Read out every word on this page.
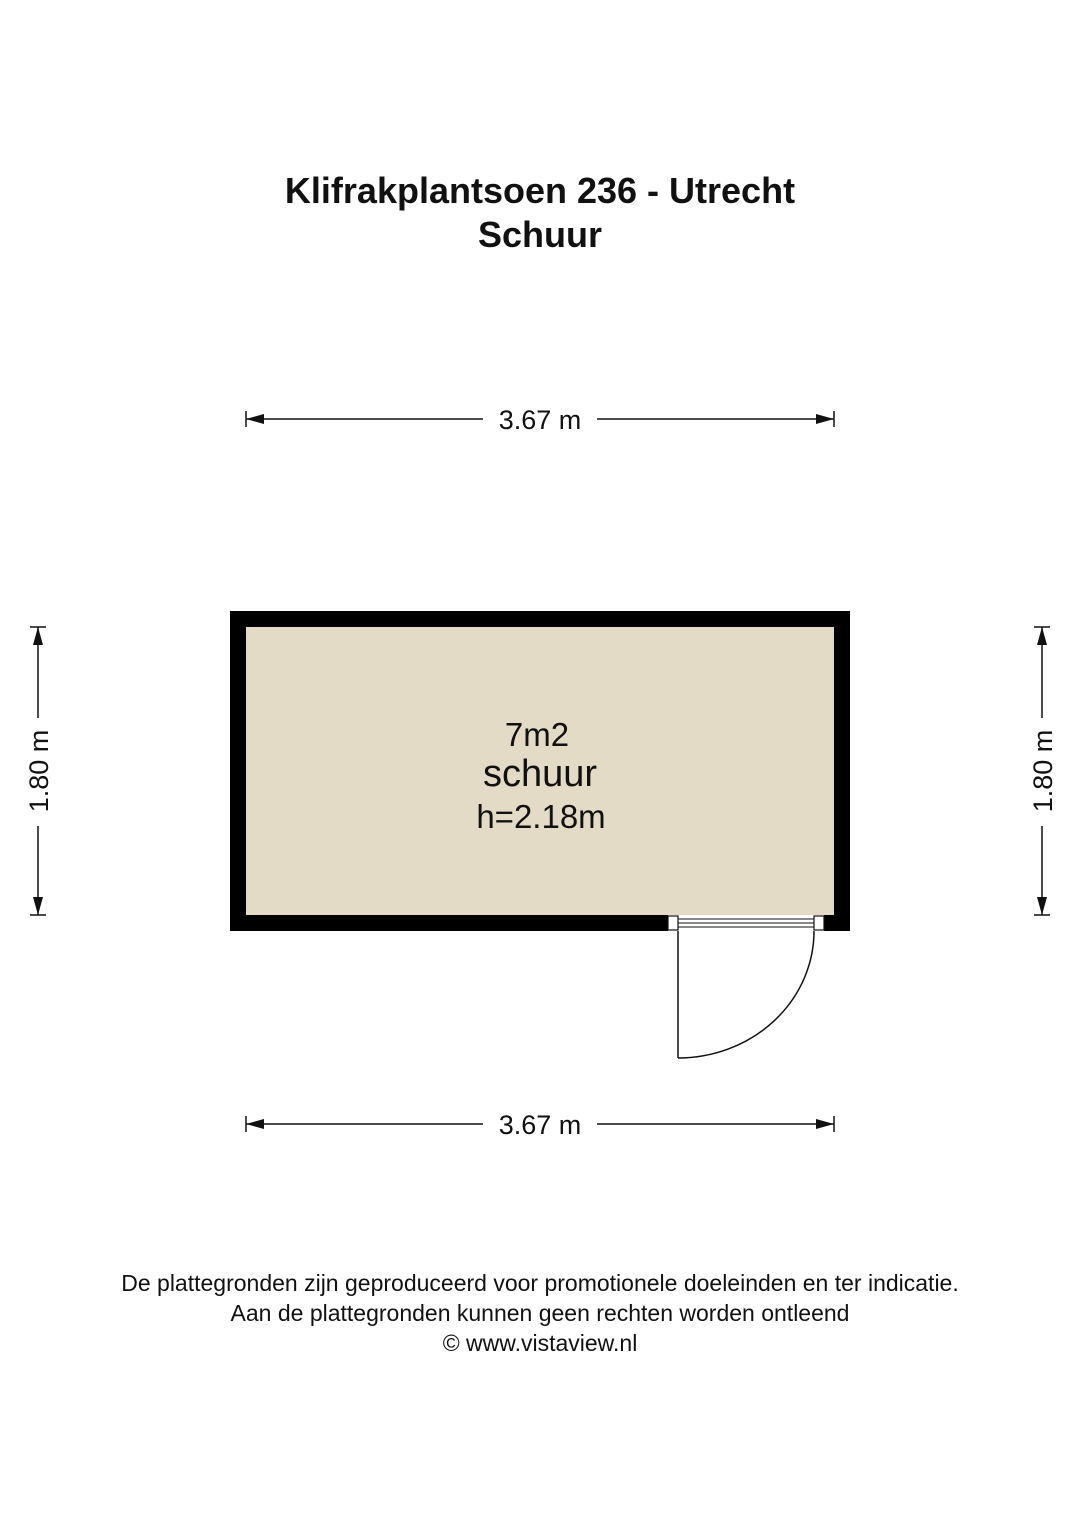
Klifrakplantsoen 236 - Utrecht
Schuur
3.67 m
3.67 m
1.80 m	1.80 m
7m2
schuur
h=2.18m
De plattegronden zijn geproduceerd voor promotionele doeleinden en ter indicatie.
Aan de plattegronden kunnen geen rechten worden ontleend
© www.vistaview.nl
